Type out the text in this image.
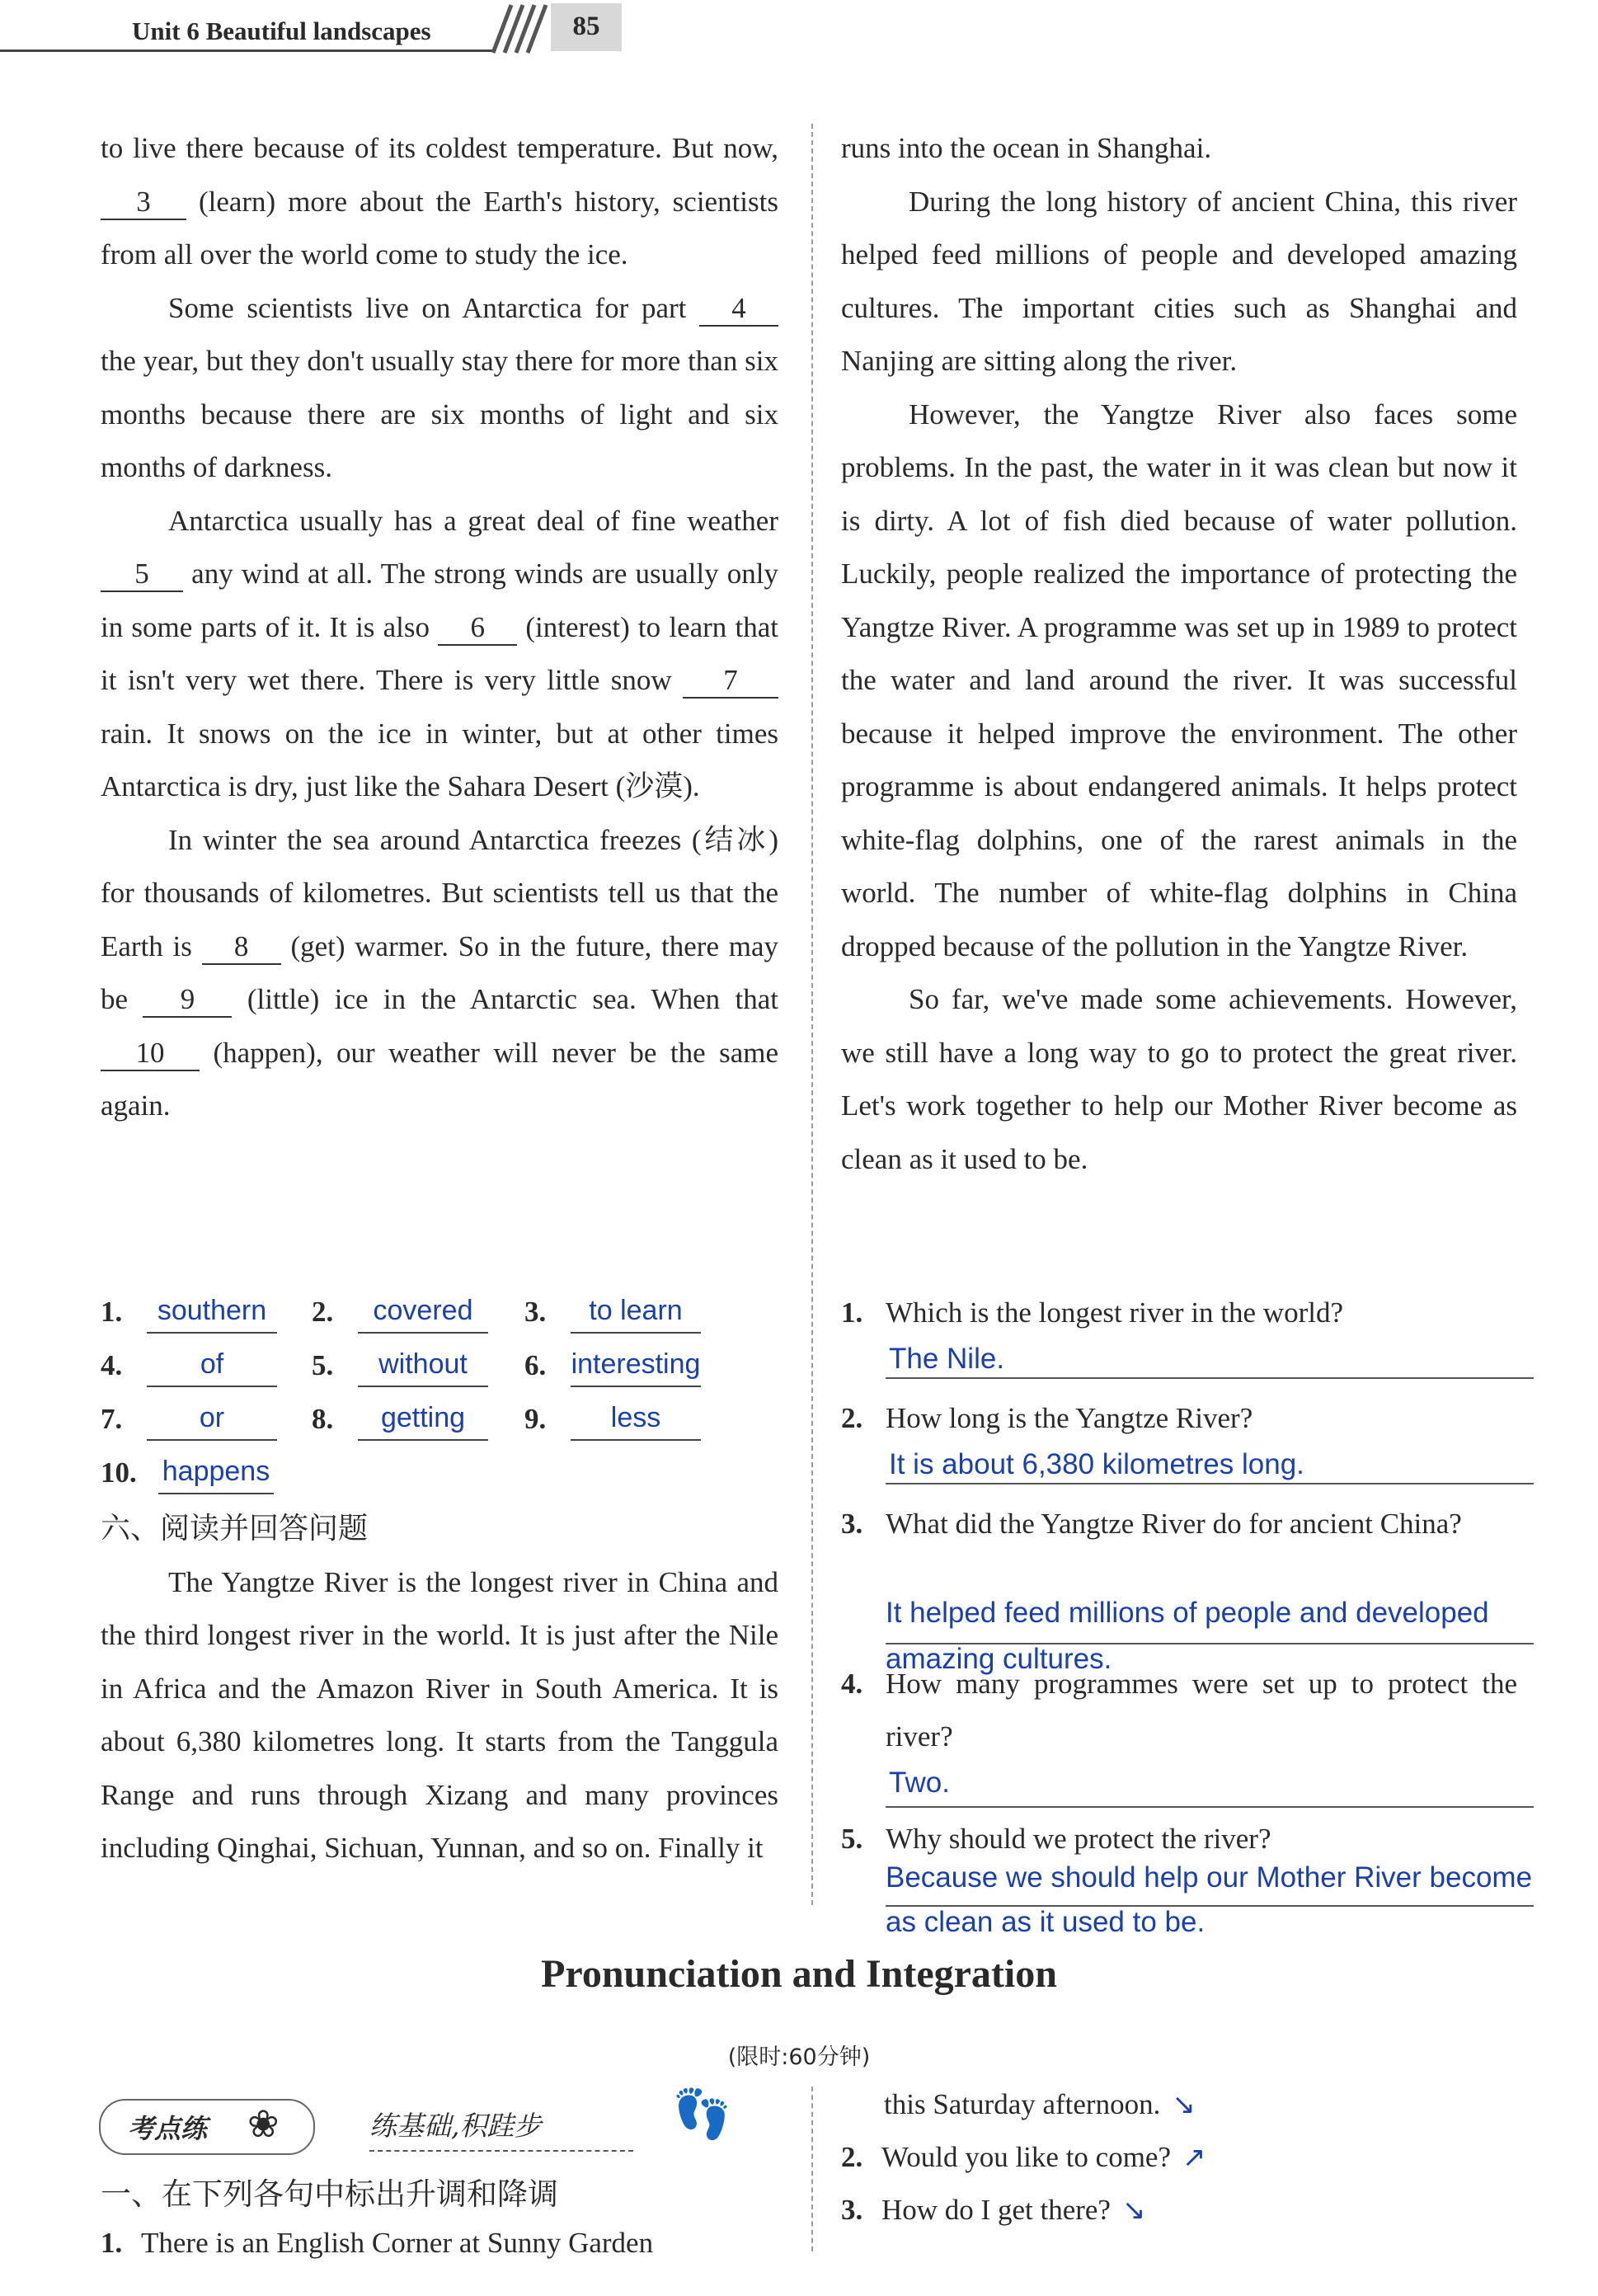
Unit 6 Beautiful landscapes	85

to live there because of its coldest temperature. But now, 3 (learn) more about the Earth's history, scientists from all over the world come to study the ice.

Some scientists live on Antarctica for part 4 the year, but they don't usually stay there for more than six months because there are six months of light and six months of darkness.

Antarctica usually has a great deal of fine weather 5 any wind at all. The strong winds are usually only in some parts of it. It is also 6 (interest) to learn that it isn't very wet there. There is very little snow 7 rain. It snows on the ice in winter, but at other times Antarctica is dry, just like the Sahara Desert (沙漠).

In winter the sea around Antarctica freezes (结冰) for thousands of kilometres. But scientists tell us that the Earth is 8 (get) warmer. So in the future, there may be 9 (little) ice in the Antarctic sea. When that 10 (happen), our weather will never be the same again.

1.	southern	2.	covered	3.	to learn
4.	of	5.	without	6. interesting
7.	or	8.	getting	9.	less
10. happens

六、阅读并回答问题

The Yangtze River is the longest river in China and the third longest river in the world. It is just after the Nile in Africa and the Amazon River in South America. It is about 6,380 kilometres long. It starts from the Tanggula Range and runs through Xizang and many provinces including Qinghai, Sichuan, Yunnan, and so on. Finally it

runs into the ocean in Shanghai.

During the long history of ancient China, this river helped feed millions of people and developed amazing cultures. The important cities such as Shanghai and Nanjing are sitting along the river.

However, the Yangtze River also faces some problems. In the past, the water in it was clean but now it is dirty. A lot of fish died because of water pollution. Luckily, people realized the importance of protecting the Yangtze River. A programme was set up in 1989 to protect the water and land around the river. It was successful because it helped improve the environment. The other programme is about endangered animals. It helps protect white-flag dolphins, one of the rarest animals in the world. The number of white-flag dolphins in China dropped because of the pollution in the Yangtze River.

So far, we've made some achievements. However, we still have a long way to go to protect the great river. Let's work together to help our Mother River become as clean as it used to be.

1. Which is the longest river in the world?
The Nile.
2. How long is the Yangtze River?
It is about 6,380 kilometres long.
3. What did the Yangtze River do for ancient China?
It helped feed millions of people and developed amazing cultures.
4. How many programmes were set up to protect the river?
Two.
5. Why should we protect the river?
Because we should help our Mother River become as clean as it used to be.
Pronunciation and Integration
(限时:60分钟)
考点练 ❀	练基础,积跬步	👣
一、在下列各句中标出升调和降调
1. There is an English Corner at Sunny Garden
this Saturday afternoon. ↘
2. Would you like to come? ↗
3. How do I get there? ↘
